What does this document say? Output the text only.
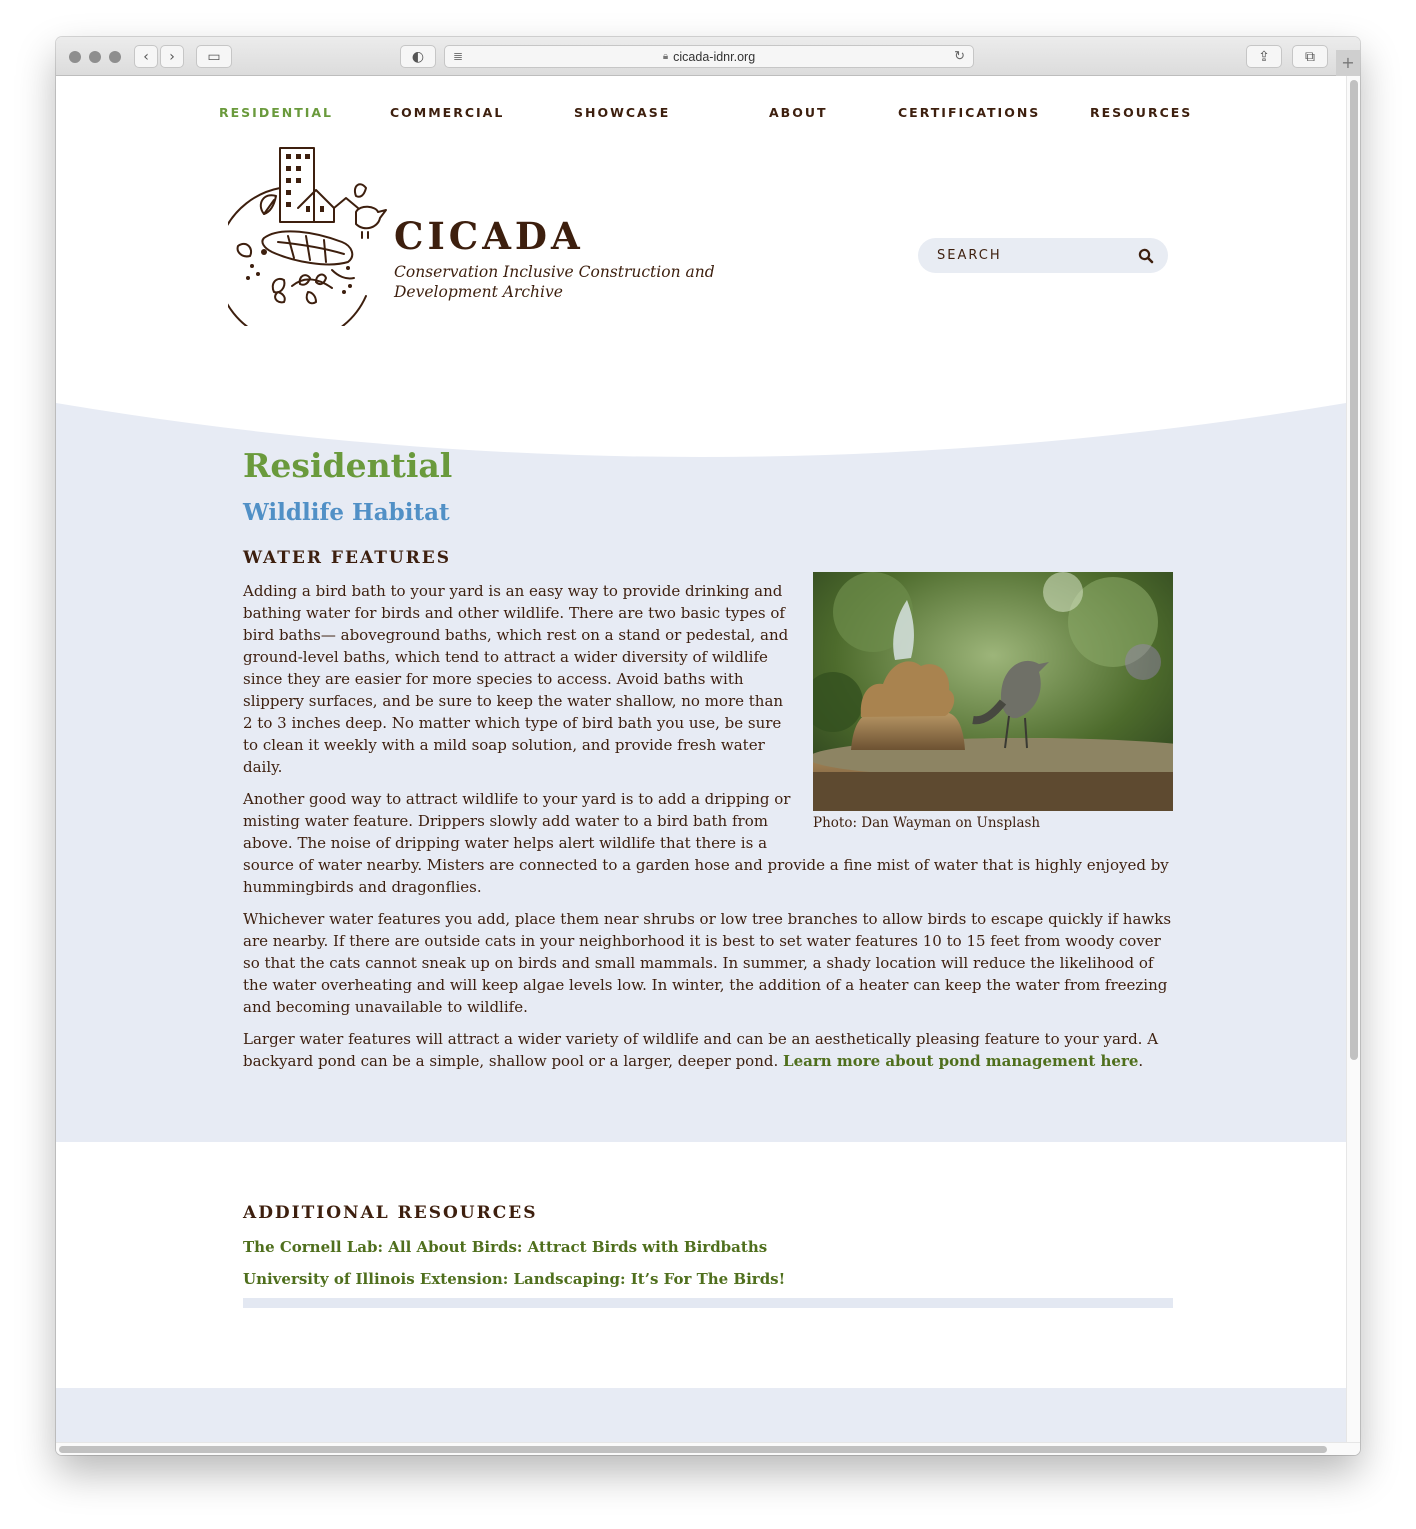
‹ › ▭	◐ ≣	🔒︎ cicada-idnr.org	↻	⇪	⧉	+
RESIDENTIAL	COMMERCIAL	SHOWCASE	ABOUT	CERTIFICATIONS	RESOURCES
CICADA
Conservation Inclusive Construction and Development Archive
SEARCH
Residential
Wildlife Habitat
WATER FEATURES
Photo: Dan Wayman on Unsplash

Adding a bird bath to your yard is an easy way to provide drinking and bathing water for birds and other wildlife. There are two basic types of bird baths— aboveground baths, which rest on a stand or pedestal, and ground-level baths, which tend to attract a wider diversity of wildlife since they are easier for more species to access. Avoid baths with slippery surfaces, and be sure to keep the water shallow, no more than 2 to 3 inches deep. No matter which type of bird bath you use, be sure to clean it weekly with a mild soap solution, and provide fresh water daily.

Another good way to attract wildlife to your yard is to add a dripping or misting water feature. Drippers slowly add water to a bird bath from above. The noise of dripping water helps alert wildlife that there is a source of water nearby. Misters are connected to a garden hose and provide a fine mist of water that is highly enjoyed by hummingbirds and dragonflies.

Whichever water features you add, place them near shrubs or low tree branches to allow birds to escape quickly if hawks are nearby. If there are outside cats in your neighborhood it is best to set water features 10 to 15 feet from woody cover so that the cats cannot sneak up on birds and small mammals. In summer, a shady location will reduce the likelihood of the water overheating and will keep algae levels low. In winter, the addition of a heater can keep the water from freezing and becoming unavailable to wildlife.

Larger water features will attract a wider variety of wildlife and can be an aesthetically pleasing feature to your yard. A backyard pond can be a simple, shallow pool or a larger, deeper pond. Learn more about pond management here.

ADDITIONAL RESOURCES
The Cornell Lab: All About Birds: Attract Birds with Birdbaths
University of Illinois Extension: Landscaping: It’s For The Birds!
